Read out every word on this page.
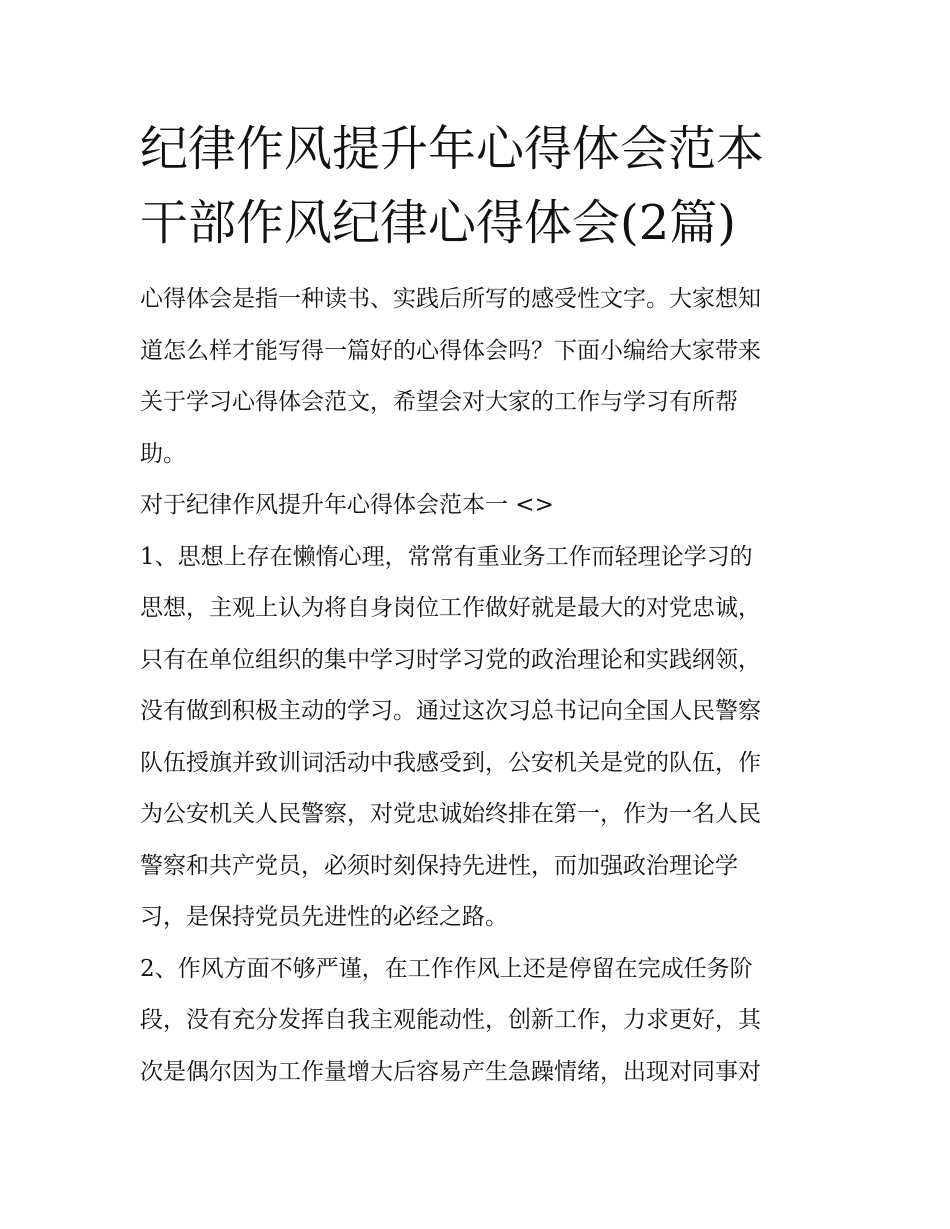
纪律作风提升年心得体会范本
干部作风纪律心得体会(2篇)

心得体会是指一种读书、实践后所写的感受性文字。大家想知
道怎么样才能写得一篇好的心得体会吗？下面小编给大家带来
关于学习心得体会范文，希望会对大家的工作与学习有所帮
助。

对于纪律作风提升年心得体会范本一 <>

1、思想上存在懒惰心理，常常有重业务工作而轻理论学习的
思想，主观上认为将自身岗位工作做好就是最大的对党忠诚，
只有在单位组织的集中学习时学习党的政治理论和实践纲领，
没有做到积极主动的学习。通过这次习总书记向全国人民警察
队伍授旗并致训词活动中我感受到，公安机关是党的队伍，作
为公安机关人民警察，对党忠诚始终排在第一，作为一名人民
警察和共产党员，必须时刻保持先进性，而加强政治理论学
习，是保持党员先进性的必经之路。

2、作风方面不够严谨，在工作作风上还是停留在完成任务阶
段，没有充分发挥自我主观能动性，创新工作，力求更好，其
次是偶尔因为工作量增大后容易产生急躁情绪，出现对同事对
